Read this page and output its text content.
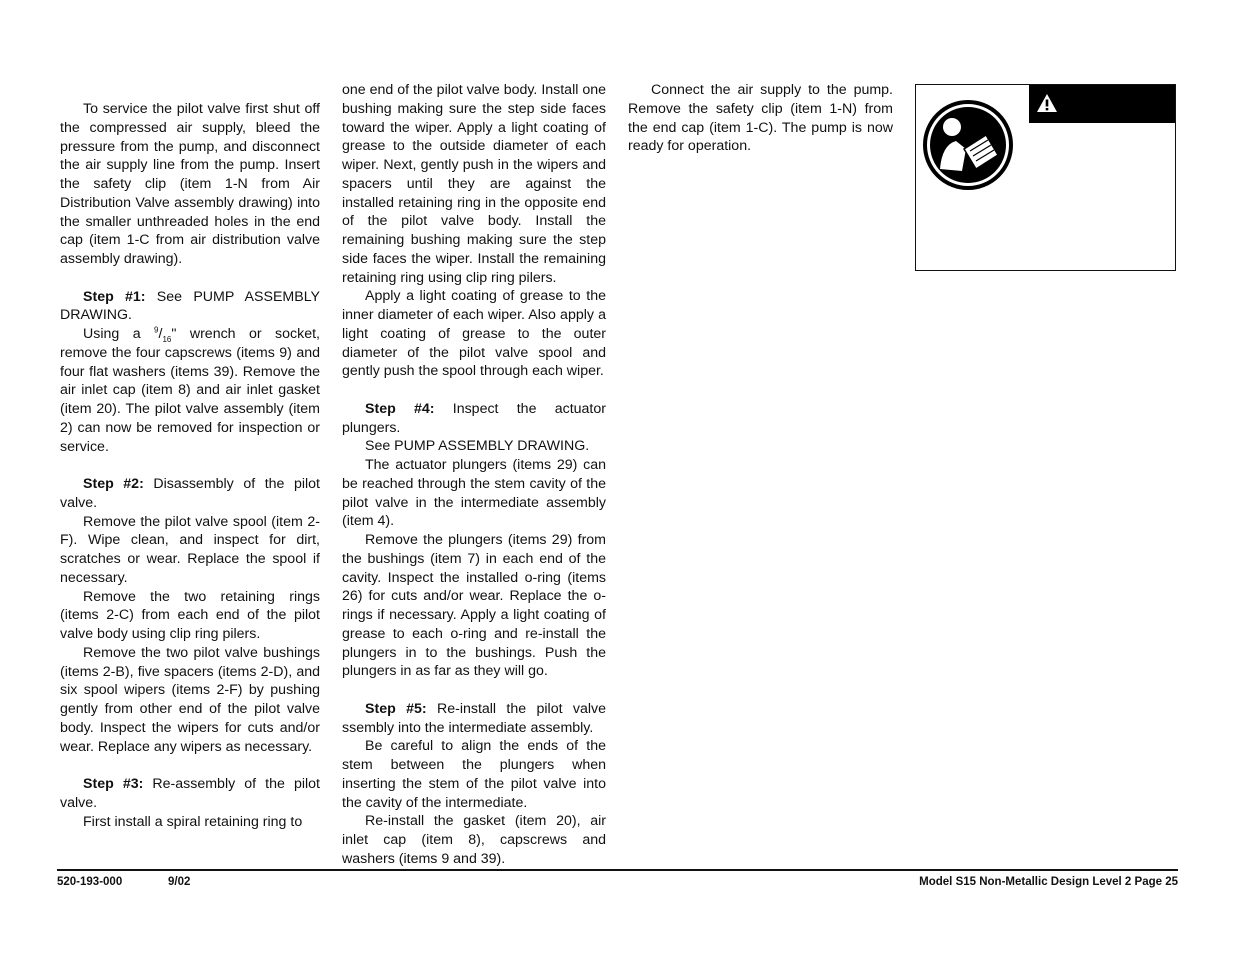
To service the pilot valve first shut off the compressed air supply, bleed the pressure from the pump, and disconnect the air supply line from the pump. Insert the safety clip (item 1-N from Air Distribution Valve assembly drawing) into the smaller unthreaded holes in the end cap (item 1-C from air distribution valve assembly drawing).

Step #1: See PUMP ASSEMBLY DRAWING.

Using a $^9/_{16}$" wrench or socket, remove the four capscrews (items 9) and four flat washers (items 39). Remove the air inlet cap (item 8) and air inlet gasket (item 20). The pilot valve assembly (item 2) can now be removed for inspection or service.

Step #2: Disassembly of the pilot valve.

Remove the pilot valve spool (item 2-F). Wipe clean, and inspect for dirt, scratches or wear. Replace the spool if necessary.

Remove the two retaining rings (items 2-C) from each end of the pilot valve body using clip ring pilers.

Remove the two pilot valve bushings (items 2-B), five spacers (items 2-D), and six spool wipers (items 2-F) by pushing gently from other end of the pilot valve body. Inspect the wipers for cuts and/or wear. Replace any wipers as necessary.

Step #3: Re-assembly of the pilot valve.

First install a spiral retaining ring to

one end of the pilot valve body. Install one bushing making sure the step side faces toward the wiper. Apply a light coating of grease to the outside diameter of each wiper. Next, gently push in the wipers and spacers until they are against the installed retaining ring in the opposite end of the pilot valve body. Install the remaining bushing making sure the step side faces the wiper. Install the remaining retaining ring using clip ring pilers.

Apply a light coating of grease to the inner diameter of each wiper. Also apply a light coating of grease to the outer diameter of the pilot valve spool and gently push the spool through each wiper.

Step #4: Inspect the actuator plungers.

See PUMP ASSEMBLY DRAWING.

The actuator plungers (items 29) can be reached through the stem cavity of the pilot valve in the intermediate assembly (item 4).

Remove the plungers (items 29) from the bushings (item 7) in each end of the cavity. Inspect the installed o-ring (items 26) for cuts and/or wear. Replace the o-rings if necessary. Apply a light coating of grease to each o-ring and re-install the plungers in to the bushings. Push the plungers in as far as they will go.

Step #5: Re-install the pilot valve ssembly into the intermediate assembly.

Be careful to align the ends of the stem between the plungers when inserting the stem of the pilot valve into the cavity of the intermediate.

Re-install the gasket (item 20), air inlet cap (item 8), capscrews and washers (items 9 and 39).

Connect the air supply to the pump. Remove the safety clip (item 1-N) from the end cap (item 1-C). The pump is now ready for operation.

520-193-000	9/02	Model S15 Non-Metallic Design Level 2 Page 25
